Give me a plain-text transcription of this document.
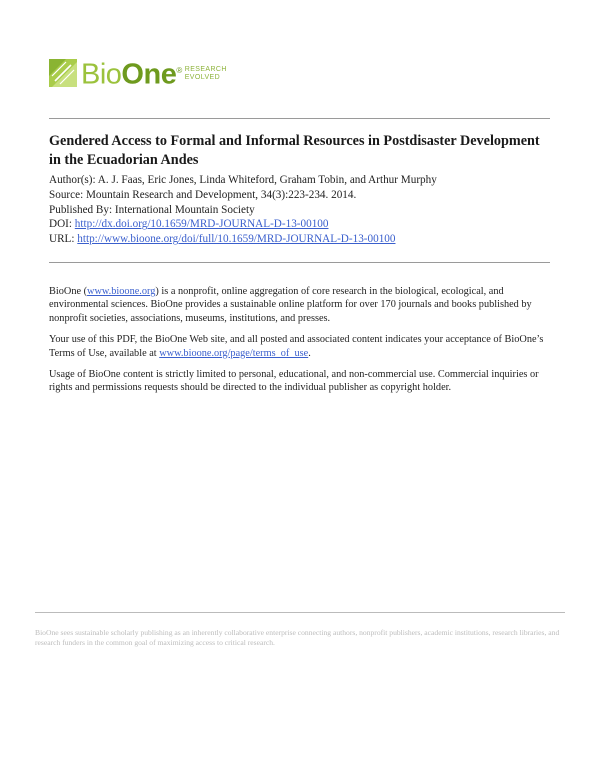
BioOne® RESEARCH
EVOLVED
Gendered Access to Formal and Informal Resources in Postdisaster Development in the Ecuadorian Andes
Author(s): A. J. Faas, Eric Jones, Linda Whiteford, Graham Tobin, and Arthur Murphy
Source: Mountain Research and Development, 34(3):223-234. 2014.
Published By: International Mountain Society
DOI: http://dx.doi.org/10.1659/MRD-JOURNAL-D-13-00100
URL: http://www.bioone.org/doi/full/10.1659/MRD-JOURNAL-D-13-00100

BioOne (www.bioone.org) is a nonprofit, online aggregation of core research in the biological, ecological, and environmental sciences. BioOne provides a sustainable online platform for over 170 journals and books published by nonprofit societies, associations, museums, institutions, and presses.

Your use of this PDF, the BioOne Web site, and all posted and associated content indicates your acceptance of BioOne’s Terms of Use, available at www.bioone.org/page/terms_of_use.

Usage of BioOne content is strictly limited to personal, educational, and non-commercial use. Commercial inquiries or rights and permissions requests should be directed to the individual publisher as copyright holder.

BioOne sees sustainable scholarly publishing as an inherently collaborative enterprise connecting authors, nonprofit publishers, academic institutions, research libraries, and research funders in the common goal of maximizing access to critical research.
